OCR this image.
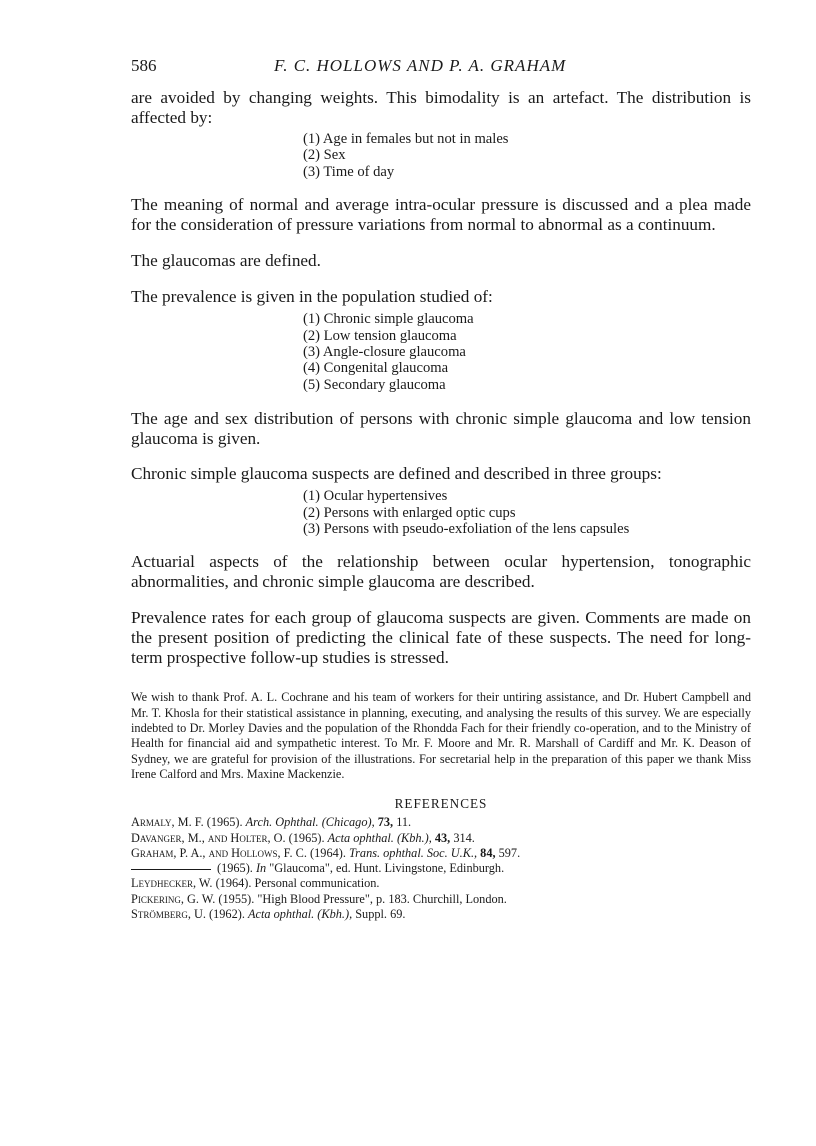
586	F. C. HOLLOWS AND P. A. GRAHAM

are avoided by changing weights. This bimodality is an artefact. The distribution is affected by:

(1) Age in females but not in males
(2) Sex
(3) Time of day

The meaning of normal and average intra-ocular pressure is discussed and a plea made for the consideration of pressure variations from normal to abnormal as a continuum.

The glaucomas are defined.

The prevalence is given in the population studied of:

(1) Chronic simple glaucoma
(2) Low tension glaucoma
(3) Angle-closure glaucoma
(4) Congenital glaucoma
(5) Secondary glaucoma

The age and sex distribution of persons with chronic simple glaucoma and low tension glaucoma is given.

Chronic simple glaucoma suspects are defined and described in three groups:

(1) Ocular hypertensives
(2) Persons with enlarged optic cups
(3) Persons with pseudo-exfoliation of the lens capsules

Actuarial aspects of the relationship between ocular hypertension, tonographic abnormalities, and chronic simple glaucoma are described.

Prevalence rates for each group of glaucoma suspects are given. Comments are made on the present position of predicting the clinical fate of these suspects. The need for long-term prospective follow-up studies is stressed.

We wish to thank Prof. A. L. Cochrane and his team of workers for their untiring assistance, and Dr. Hubert Campbell and Mr. T. Khosla for their statistical assistance in planning, executing, and analysing the results of this survey. We are especially indebted to Dr. Morley Davies and the population of the Rhondda Fach for their friendly co-operation, and to the Ministry of Health for financial aid and sympathetic interest. To Mr. F. Moore and Mr. R. Marshall of Cardiff and Mr. K. Deason of Sydney, we are grateful for provision of the illustrations. For secretarial help in the preparation of this paper we thank Miss Irene Calford and Mrs. Maxine Mackenzie.

REFERENCES

Armaly, M. F. (1965). Arch. Ophthal. (Chicago), 73, 11.
Davanger, M., and Holter, O. (1965). Acta ophthal. (Kbh.), 43, 314.
Graham, P. A., and Hollows, F. C. (1964). Trans. ophthal. Soc. U.K., 84, 597.
(1965). In "Glaucoma", ed. Hunt. Livingstone, Edinburgh.
Leydhecker, W. (1964). Personal communication.
Pickering, G. W. (1955). "High Blood Pressure", p. 183. Churchill, London.
Strömberg, U. (1962). Acta ophthal. (Kbh.), Suppl. 69.
